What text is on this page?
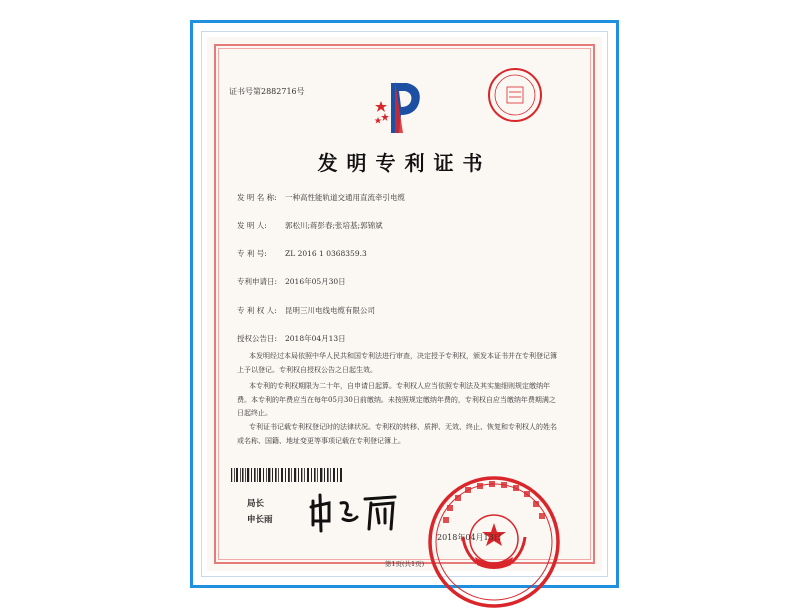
证书号第2882716号
发明专利证书
发 明 名 称: 一种高性能轨道交通用直流牵引电缆
发 明 人: 郭松川;蒋彭春;张培基;郭锦斌
专 利 号: ZL 2016 1 0368359.3
专利申请日: 2016年05月30日
专 利 权 人: 昆明三川电线电缆有限公司
授权公告日: 2018年04月13日
本发明经过本局依照中华人民共和国专利法进行审查，决定授予专利权，颁发本证书并在专利登记簿上予以登记。专利权自授权公告之日起生效。
本专利的专利权期限为二十年，自申请日起算。专利权人应当依照专利法及其实施细则规定缴纳年费。本专利的年费应当在每年05月30日前缴纳。未按照规定缴纳年费的，专利权自应当缴纳年费期满之日起终止。
专利证书记载专利权登记时的法律状况。专利权的转移、质押、无效、终止、恢复和专利权人的姓名或名称、国籍、地址变更等事项记载在专利登记簿上。
局长
申长雨
2018年04月13日
第1页(共1页)
